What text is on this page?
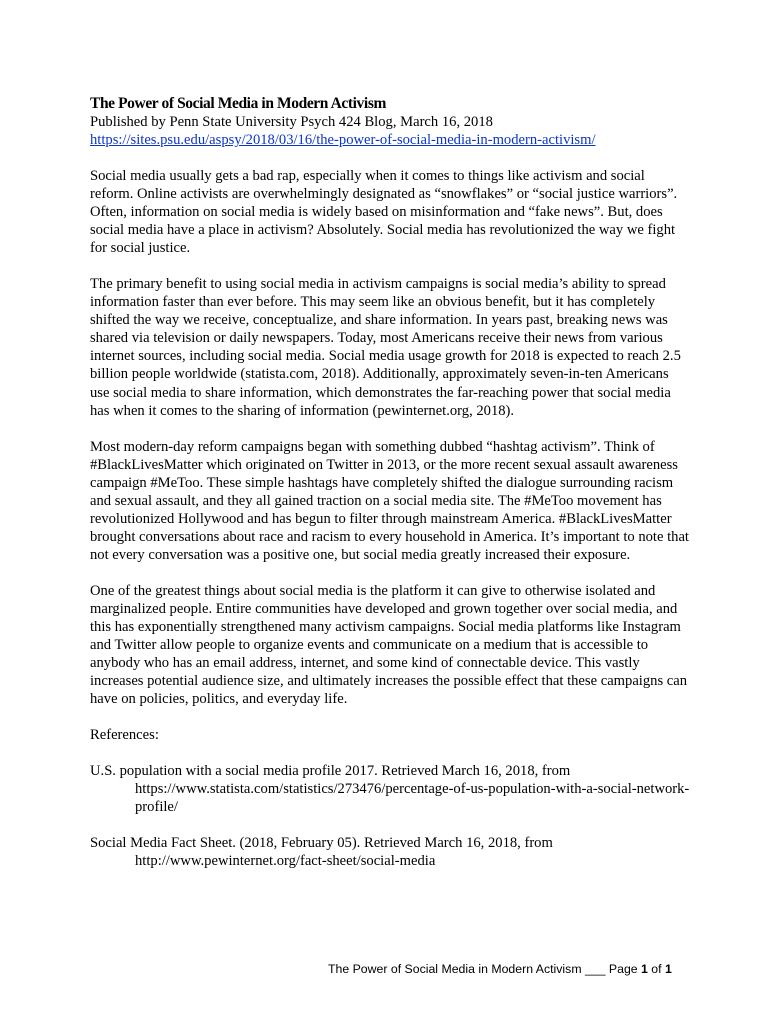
The Power of Social Media in Modern Activism

Published by Penn State University Psych 424 Blog, March 16, 2018

https://sites.psu.edu/aspsy/2018/03/16/the-power-of-social-media-in-modern-activism/

Social media usually gets a bad rap, especially when it comes to things like activism and social reform. Online activists are overwhelmingly designated as “snowflakes” or “social justice warriors”. Often, information on social media is widely based on misinformation and “fake news”. But, does social media have a place in activism? Absolutely. Social media has revolutionized the way we fight for social justice.

The primary benefit to using social media in activism campaigns is social media’s ability to spread information faster than ever before. This may seem like an obvious benefit, but it has completely shifted the way we receive, conceptualize, and share information. In years past, breaking news was shared via television or daily newspapers. Today, most Americans receive their news from various internet sources, including social media. Social media usage growth for 2018 is expected to reach 2.5 billion people worldwide (statista.com, 2018). Additionally, approximately seven-in-ten Americans use social media to share information, which demonstrates the far-reaching power that social media has when it comes to the sharing of information (pewinternet.org, 2018).

Most modern-day reform campaigns began with something dubbed “hashtag activism”. Think of #BlackLivesMatter which originated on Twitter in 2013, or the more recent sexual assault awareness campaign #MeToo. These simple hashtags have completely shifted the dialogue surrounding racism and sexual assault, and they all gained traction on a social media site. The #MeToo movement has revolutionized Hollywood and has begun to filter through mainstream America. #BlackLivesMatter brought conversations about race and racism to every household in America. It’s important to note that not every conversation was a positive one, but social media greatly increased their exposure.

One of the greatest things about social media is the platform it can give to otherwise isolated and marginalized people. Entire communities have developed and grown together over social media, and this has exponentially strengthened many activism campaigns. Social media platforms like Instagram and Twitter allow people to organize events and communicate on a medium that is accessible to anybody who has an email address, internet, and some kind of connectable device. This vastly increases potential audience size, and ultimately increases the possible effect that these campaigns can have on policies, politics, and everyday life.

References:

U.S. population with a social media profile 2017. Retrieved March 16, 2018, from https://www.statista.com/statistics/273476/percentage-of-us-population-with-a-social-network-profile/

Social Media Fact Sheet. (2018, February 05). Retrieved March 16, 2018, from http://www.pewinternet.org/fact-sheet/social-media

The Power of Social Media in Modern Activism ___ Page 1 of 1
